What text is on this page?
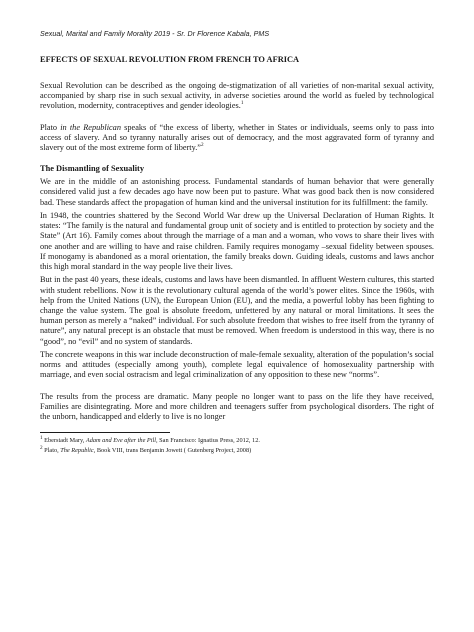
Sexual, Marital and Family Morality 2019 - Sr. Dr Florence Kabala, PMS
EFFECTS OF SEXUAL REVOLUTION FROM FRENCH TO AFRICA

Sexual Revolution can be described as the ongoing de-stigmatization of all varieties of non-marital sexual activity, accompanied by sharp rise in such sexual activity, in adverse societies around the world as fueled by technological revolution, modernity, contraceptives and gender ideologies.$^1$

Plato in the Republican speaks of “the excess of liberty, whether in States or individuals, seems only to pass into access of slavery. And so tyranny naturally arises out of democracy, and the most aggravated form of tyranny and slavery out of the most extreme form of liberty.”$^2$

The Dismantling of Sexuality

We are in the middle of an astonishing process. Fundamental standards of human behavior that were generally considered valid just a few decades ago have now been put to pasture. What was good back then is now considered bad. These standards affect the propagation of human kind and the universal institution for its fulfillment: the family.

In 1948, the countries shattered by the Second World War drew up the Universal Declaration of Human Rights. It states: “The family is the natural and fundamental group unit of society and is entitled to protection by society and the State” (Art 16). Family comes about through the marriage of a man and a woman, who vows to share their lives with one another and are willing to have and raise children. Family requires monogamy –sexual fidelity between spouses. If monogamy is abandoned as a moral orientation, the family breaks down. Guiding ideals, customs and laws anchor this high moral standard in the way people live their lives.

But in the past 40 years, these ideals, customs and laws have been dismantled. In affluent Western cultures, this started with student rebellions. Now it is the revolutionary cultural agenda of the world’s power elites. Since the 1960s, with help from the United Nations (UN), the European Union (EU), and the media, a powerful lobby has been fighting to change the value system. The goal is absolute freedom, unfettered by any natural or moral limitations. It sees the human person as merely a “naked” individual. For such absolute freedom that wishes to free itself from the tyranny of nature”, any natural precept is an obstacle that must be removed. When freedom is understood in this way, there is no “good”, no “evil” and no system of standards.

The concrete weapons in this war include deconstruction of male-female sexuality, alteration of the population’s social norms and attitudes (especially among youth), complete legal equivalence of homosexuality partnership with marriage, and even social ostracism and legal criminalization of any opposition to these new “norms”.

The results from the process are dramatic. Many people no longer want to pass on the life they have received, Families are disintegrating. More and more children and teenagers suffer from psychological disorders. The right of the unborn, handicapped and elderly to live is no longer

$^1$ Eberstadt Mary, Adam and Eve after the Pill, San Francisco: Ignatius Press, 2012, 12.
$^2$ Plato, The Republic, Book VIII, trans Benjamin Jowett ( Gutenberg Project, 2008)
